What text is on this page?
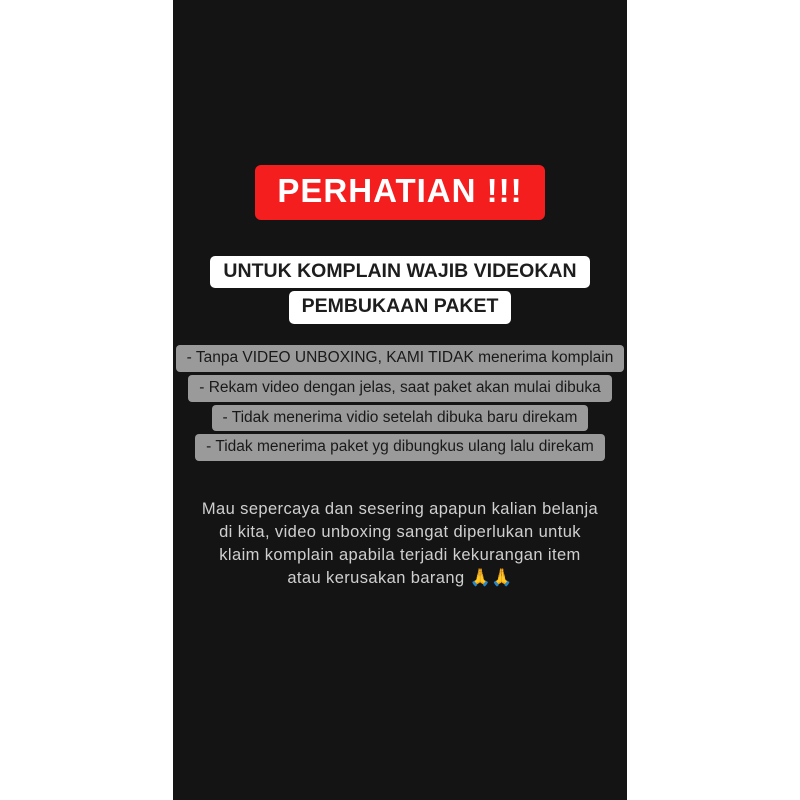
PERHATIAN !!!
UNTUK KOMPLAIN WAJIB VIDEOKAN
PEMBUKAAN PAKET
- Tanpa VIDEO UNBOXING, KAMI TIDAK menerima komplain
- Rekam video dengan jelas, saat paket akan mulai dibuka
- Tidak menerima vidio setelah dibuka baru direkam
- Tidak menerima paket yg dibungkus ulang lalu direkam
Mau sepercaya dan sesering apapun kalian belanja
di kita, video unboxing sangat diperlukan untuk
klaim komplain apabila terjadi kekurangan item
atau kerusakan barang 🙏🙏
